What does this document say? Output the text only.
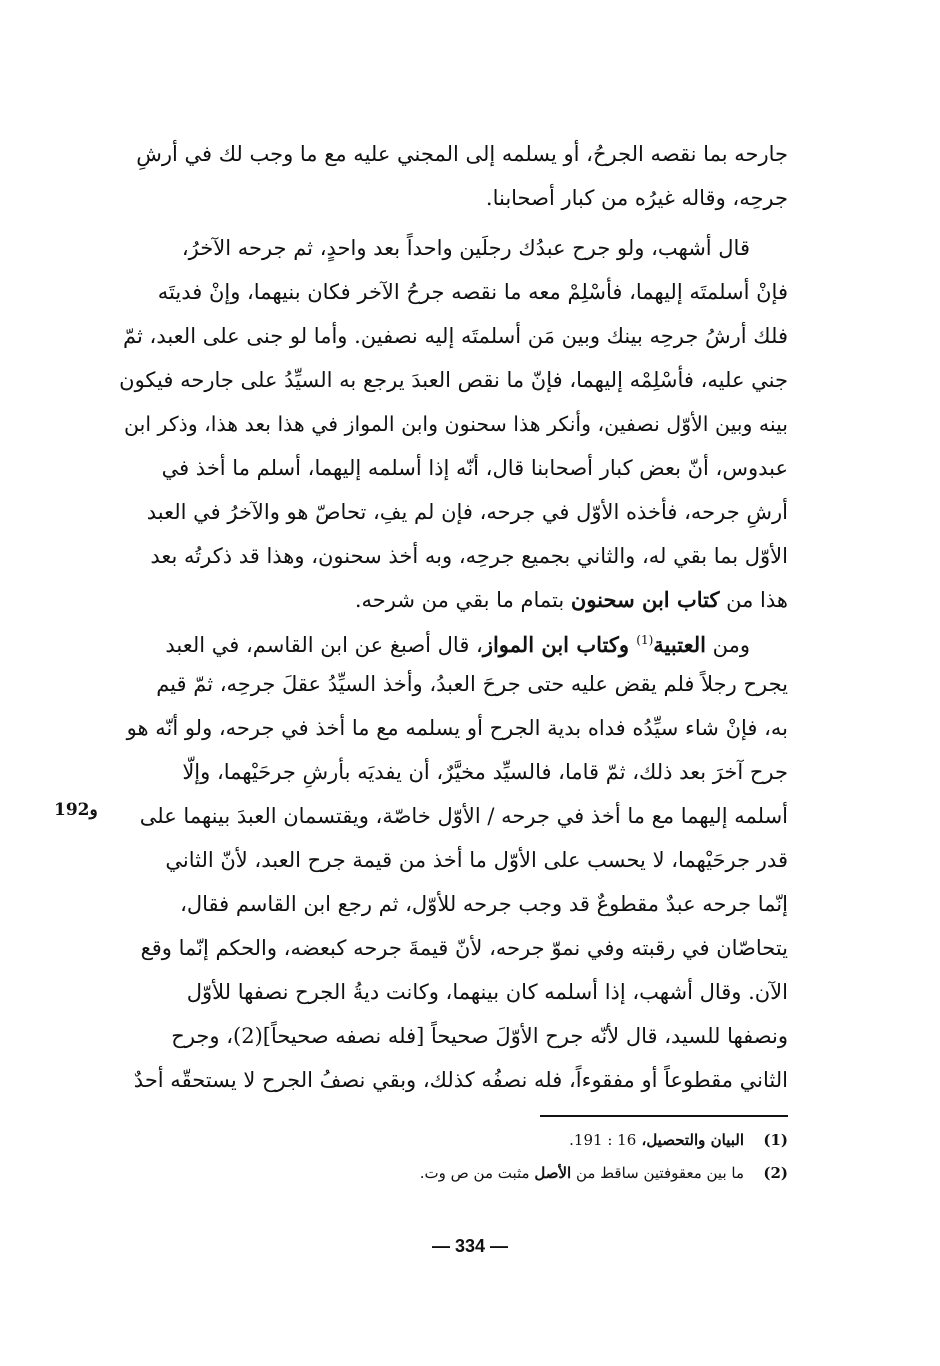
جارحه بما نقصه الجرحُ، أو يسلمه إلى المجني عليه مع ما وجب لك في أرشِ

جرحِه، وقاله غيرُه من كبار أصحابنا.

قال أشهب، ولو جرح عبدُك رجلَين واحداً بعد واحدٍ، ثم جرحه الآخرُ،

فإنْ أسلمتَه إليهما، فأسْلِمْ معه ما نقصه جرحُ الآخر فكان بنيهما، وإنْ فديتَه

فلك أرشُ جرحِه بينك وبين مَن أسلمتَه إليه نصفين. وأما لو جنى على العبد، ثمّ

جني عليه، فأسْلِمْه إليهما، فإنّ ما نقص العبدَ يرجع به السيِّدُ على جارحه فيكون

بينه وبين الأوّل نصفين، وأنكر هذا سحنون وابن المواز في هذا بعد هذا، وذكر ابن

عبدوس، أنّ بعض كبار أصحابنا قال، أنّه إذا أسلمه إليهما، أسلم ما أخذ في

أرشِ جرحه، فأخذه الأوّل في جرحه، فإن لم يفِ، تحاصّ هو والآخرُ في العبد

الأوّل بما بقي له، والثاني بجميع جرحِه، وبه أخذ سحنون، وهذا قد ذكرتُه بعد

هذا من كتاب ابن سحنون بتمام ما بقي من شرحه.

ومن العتبية$^{(1)}$ وكتاب ابن المواز، قال أصبغ عن ابن القاسم، في العبد

يجرح رجلاً فلم يقض عليه حتى جرحَ العبدُ، وأخذ السيِّدُ عقلَ جرحِه، ثمّ قيم

به، فإنْ شاء سيِّدُه فداه بدية الجرح أو يسلمه مع ما أخذ في جرحه، ولو أنّه هو

جرح آخرَ بعد ذلك، ثمّ قاما، فالسيِّد مخيَّرٌ، أن يفديَه بأرشِ جرحَيْهما، وإلّا

أسلمه إليهما مع ما أخذ في جرحه / الأوّل خاصّة، ويقتسمان العبدَ بينهما على

قدر جرحَيْهما، لا يحسب على الأوّل ما أخذ من قيمة جرح العبد، لأنّ الثاني

إنّما جرحه عبدٌ مقطوعٌ قد وجب جرحه للأوّل، ثم رجع ابن القاسم فقال،

يتحاصّان في رقبته وفي نموّ جرحه، لأنّ قيمةَ جرحه كبعضه، والحكم إنّما وقع

الآن. وقال أشهب، إذا أسلمه كان بينهما، وكانت ديةُ الجرح نصفها للأوّل

ونصفها للسيد، قال لأنّه جرح الأوّلَ صحيحاً [فله نصفه صحيحاً](2)، وجرح

الثاني مقطوعاً أو مفقوءاً، فله نصفُه كذلك، وبقي نصفُ الجرح لا يستحقّه أحدٌ

192و
(1)البيان والتحصيل، 16 : 191.
(2)ما بين معقوفتين ساقط من الأصل مثبت من ص وت.
— 334 —
